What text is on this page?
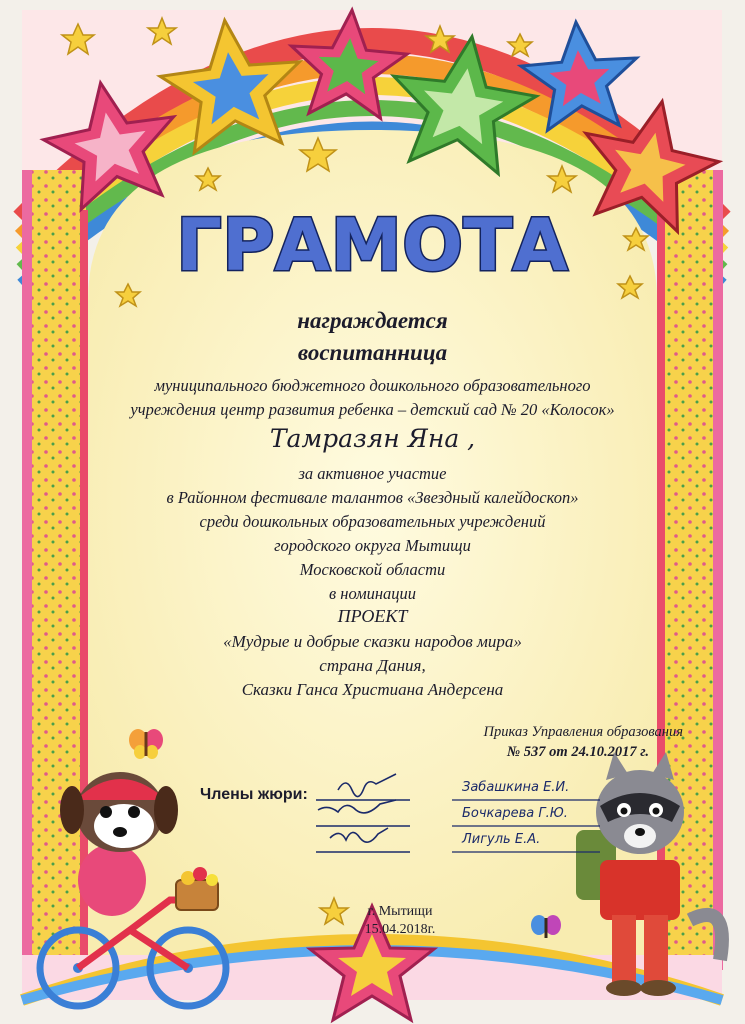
ГРАМОТА
награждается
воспитанница
муниципального бюджетного дошкольного образовательного
учреждения центр развития ребенка – детский сад № 20 «Колосок»
Тамразян Яна ,
за активное участие
в Районном фестивале талантов «Звездный калейдоскоп»
среди дошкольных образовательных учреждений
городского округа Мытищи
Московской области
в номинации
ПРОЕКТ
«Мудрые и добрые сказки народов мира»
страна Дания,
Сказки Ганса Христиана Андерсена
Приказ Управления образования
№ 537 от 24.10.2017 г.
Члены жюри:	Забашкина Е.И.
Бочкарева Г.Ю.
Лигуль Е.А.
г. Мытищи
15.04.2018г.
